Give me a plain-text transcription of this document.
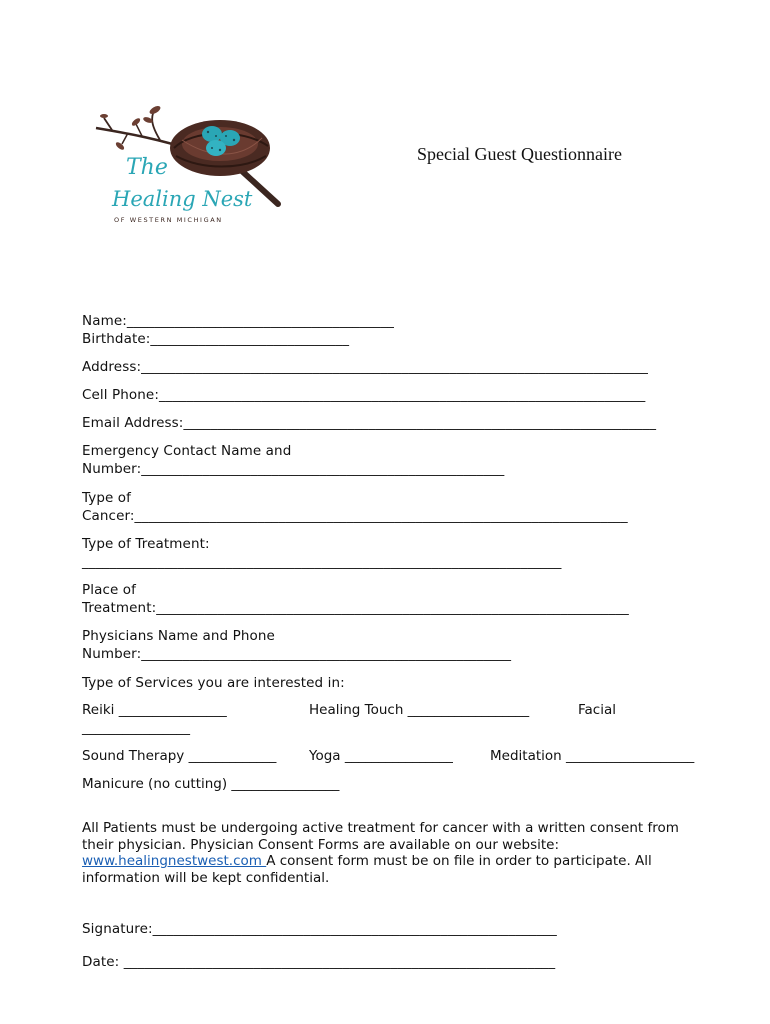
The
Healing Nest
OF WESTERN MICHIGAN
Special Guest Questionnaire
Name:_______________________________________
Birthdate:_____________________________
Address:__________________________________________________________________________
Cell Phone:_______________________________________________________________________
Email Address:_____________________________________________________________________
Emergency Contact Name and
Number:_____________________________________________________
Type of
Cancer:________________________________________________________________________
Type of Treatment:
______________________________________________________________________
Place of
Treatment:_____________________________________________________________________
Physicians Name and Phone
Number:______________________________________________________
Type of Services you are interested in:
Reiki ________________	Healing Touch __________________	Facial
________________
Sound Therapy _____________ Yoga ________________	Meditation ___________________
Manicure (no cutting) ________________
All Patients must be undergoing active treatment for cancer with a written consent from their physician. Physician Consent Forms are available on our website: www.healingnestwest.com A consent form must be on file in order to participate. All information will be kept confidential.
Signature:___________________________________________________________
Date: _______________________________________________________________
